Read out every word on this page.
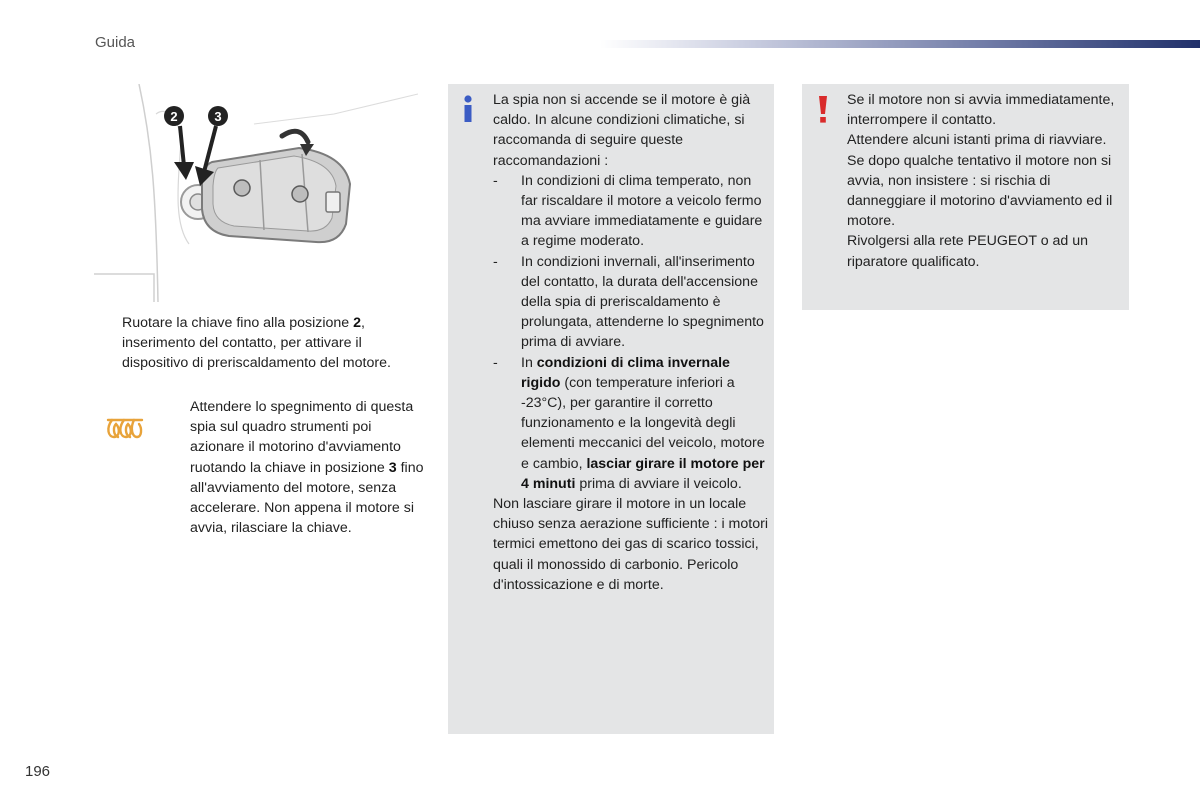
Guida
2	3

Ruotare la chiave fino alla posizione 2, inserimento del contatto, per attivare il dispositivo di preriscaldamento del motore.

Attendere lo spegnimento di questa spia sul quadro strumenti poi azionare il motorino d'avviamento ruotando la chiave in posizione 3 fino all'avviamento del motore, senza accelerare. Non appena il motore si avvia, rilasciare la chiave.

La spia non si accende se il motore è già caldo. In alcune condizioni climatiche, si raccomanda di seguire queste raccomandazioni :

-	In condizioni di clima temperato, non far riscaldare il motore a veicolo fermo ma avviare immediatamente e guidare a regime moderato.

-	In condizioni invernali, all'inserimento del contatto, la durata dell'accensione della spia di preriscaldamento è prolungata, attenderne lo spegnimento prima di avviare.

-	In condizioni di clima invernale rigido (con temperature inferiori a -23°C), per garantire il corretto funzionamento e la longevità degli elementi meccanici del veicolo, motore e cambio, lasciar girare il motore per 4 minuti prima di avviare il veicolo.

Non lasciare girare il motore in un locale chiuso senza aerazione sufficiente : i motori termici emettono dei gas di scarico tossici, quali il monossido di carbonio. Pericolo d'intossicazione e di morte.

Se il motore non si avvia immediatamente, interrompere il contatto.

Attendere alcuni istanti prima di riavviare. Se dopo qualche tentativo il motore non si avvia, non insistere : si rischia di danneggiare il motorino d'avviamento ed il motore.

Rivolgersi alla rete PEUGEOT o ad un riparatore qualificato.

196
